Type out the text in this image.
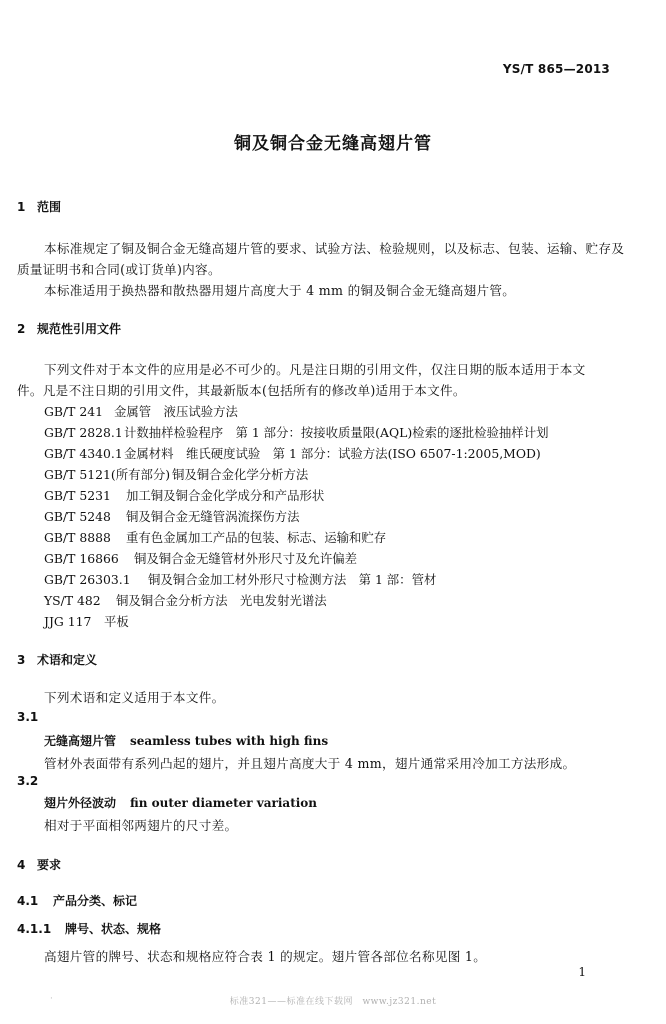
YS/T 865—2013
铜及铜合金无缝高翅片管
1 范围
本标准规定了铜及铜合金无缝高翅片管的要求、试验方法、检验规则，以及标志、包装、运输、贮存及
质量证明书和合同(或订货单)内容。
本标准适用于换热器和散热器用翅片高度大于 4 mm 的铜及铜合金无缝高翅片管。
2 规范性引用文件
下列文件对于本文件的应用是必不可少的。凡是注日期的引用文件，仅注日期的版本适用于本文
件。凡是不注日期的引用文件，其最新版本(包括所有的修改单)适用于本文件。
GB/T 241 金属管　液压试验方法
GB/T 2828.1计数抽样检验程序　第 1 部分：按接收质量限(AQL)检索的逐批检验抽样计划
GB/T 4340.1金属材料　维氏硬度试验　第 1 部分：试验方法(ISO 6507-1:2005,MOD)
GB/T 5121(所有部分) 铜及铜合金化学分析方法
GB/T 5231 加工铜及铜合金化学成分和产品形状
GB/T 5248 铜及铜合金无缝管涡流探伤方法
GB/T 8888 重有色金属加工产品的包装、标志、运输和贮存
GB/T 16866 铜及铜合金无缝管材外形尺寸及允许偏差
GB/T 26303.1 铜及铜合金加工材外形尺寸检测方法　第 1 部：管材
YS/T 482 铜及铜合金分析方法　光电发射光谱法
JJG 117 平板
3 术语和定义
下列术语和定义适用于本文件。
3.1
无缝高翅片管 seamless tubes with high fins
管材外表面带有系列凸起的翅片，并且翅片高度大于 4 mm，翅片通常采用冷加工方法形成。
3.2
翅片外径波动 fin outer diameter variation
相对于平面相邻两翅片的尺寸差。
4 要求
4.1 产品分类、标记
4.1.1 牌号、状态、规格
高翅片管的牌号、状态和规格应符合表 1 的规定。翅片管各部位名称见图 1。
1
·	标准321——标准在线下载网　www.jz321.net
